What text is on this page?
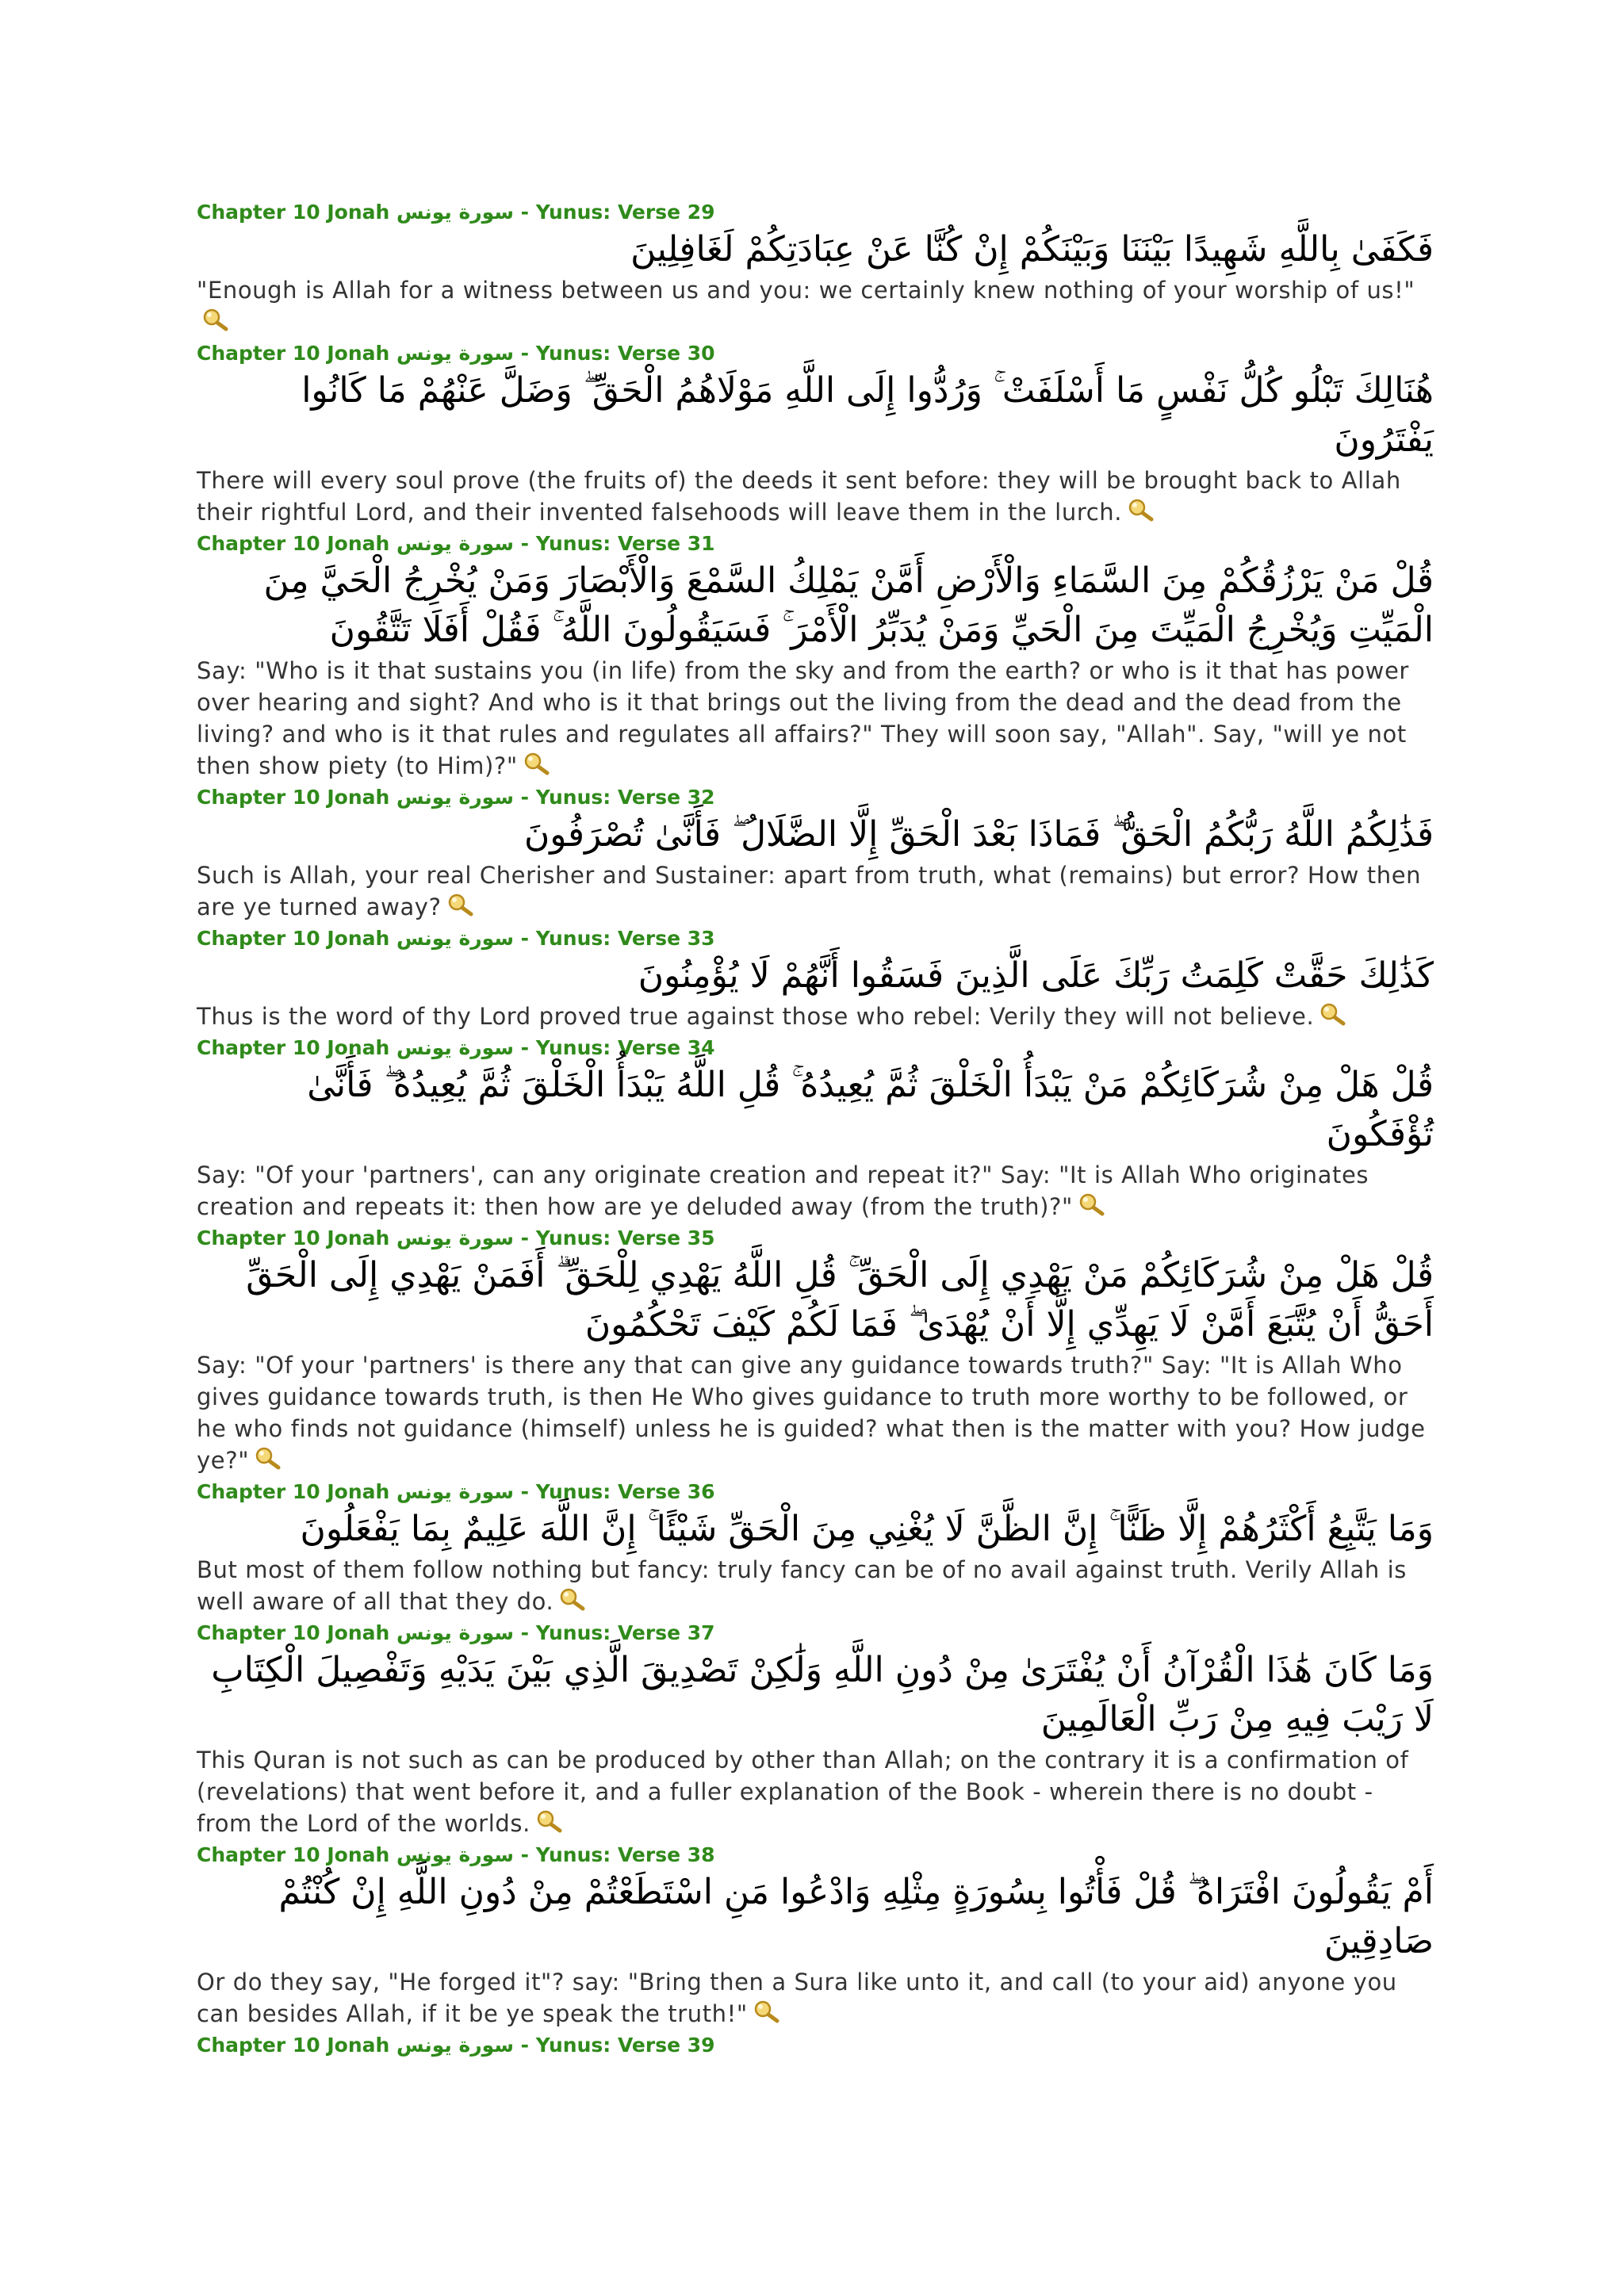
Chapter 10 Jonah سورة يونس - Yunus: Verse 29
فَكَفَىٰ بِاللَّهِ شَهِيدًا بَيْنَنَا وَبَيْنَكُمْ إِنْ كُنَّا عَنْ عِبَادَتِكُمْ لَغَافِلِينَ
"Enough is Allah for a witness between us and you: we certainly knew nothing of your worship of us!"
Chapter 10 Jonah سورة يونس - Yunus: Verse 30
هُنَالِكَ تَبْلُو كُلُّ نَفْسٍ مَا أَسْلَفَتْ ۚ وَرُدُّوا إِلَى اللَّهِ مَوْلَاهُمُ الْحَقِّ ۖ وَضَلَّ عَنْهُمْ مَا كَانُوا يَفْتَرُونَ
There will every soul prove (the fruits of) the deeds it sent before: they will be brought back to Allah their rightful Lord, and their invented falsehoods will leave them in the lurch.
Chapter 10 Jonah سورة يونس - Yunus: Verse 31
قُلْ مَنْ يَرْزُقُكُمْ مِنَ السَّمَاءِ وَالْأَرْضِ أَمَّنْ يَمْلِكُ السَّمْعَ وَالْأَبْصَارَ وَمَنْ يُخْرِجُ الْحَيَّ مِنَ الْمَيِّتِ وَيُخْرِجُ الْمَيِّتَ مِنَ الْحَيِّ وَمَنْ يُدَبِّرُ الْأَمْرَ ۚ فَسَيَقُولُونَ اللَّهُ ۚ فَقُلْ أَفَلَا تَتَّقُونَ
Say: "Who is it that sustains you (in life) from the sky and from the earth? or who is it that has power over hearing and sight? And who is it that brings out the living from the dead and the dead from the living? and who is it that rules and regulates all affairs?" They will soon say, "Allah". Say, "will ye not then show piety (to Him)?"
Chapter 10 Jonah سورة يونس - Yunus: Verse 32
فَذَٰلِكُمُ اللَّهُ رَبُّكُمُ الْحَقُّ ۖ فَمَاذَا بَعْدَ الْحَقِّ إِلَّا الضَّلَالُ ۖ فَأَنَّىٰ تُصْرَفُونَ
Such is Allah, your real Cherisher and Sustainer: apart from truth, what (remains) but error? How then are ye turned away?
Chapter 10 Jonah سورة يونس - Yunus: Verse 33
كَذَٰلِكَ حَقَّتْ كَلِمَتُ رَبِّكَ عَلَى الَّذِينَ فَسَقُوا أَنَّهُمْ لَا يُؤْمِنُونَ
Thus is the word of thy Lord proved true against those who rebel: Verily they will not believe.
Chapter 10 Jonah سورة يونس - Yunus: Verse 34
قُلْ هَلْ مِنْ شُرَكَائِكُمْ مَنْ يَبْدَأُ الْخَلْقَ ثُمَّ يُعِيدُهُ ۚ قُلِ اللَّهُ يَبْدَأُ الْخَلْقَ ثُمَّ يُعِيدُهُ ۖ فَأَنَّىٰ تُؤْفَكُونَ
Say: "Of your 'partners', can any originate creation and repeat it?" Say: "It is Allah Who originates creation and repeats it: then how are ye deluded away (from the truth)?"
Chapter 10 Jonah سورة يونس - Yunus: Verse 35
قُلْ هَلْ مِنْ شُرَكَائِكُمْ مَنْ يَهْدِي إِلَى الْحَقِّ ۚ قُلِ اللَّهُ يَهْدِي لِلْحَقِّ ۗ أَفَمَنْ يَهْدِي إِلَى الْحَقِّ أَحَقُّ أَنْ يُتَّبَعَ أَمَّنْ لَا يَهِدِّي إِلَّا أَنْ يُهْدَىٰ ۖ فَمَا لَكُمْ كَيْفَ تَحْكُمُونَ
Say: "Of your 'partners' is there any that can give any guidance towards truth?" Say: "It is Allah Who gives guidance towards truth, is then He Who gives guidance to truth more worthy to be followed, or he who finds not guidance (himself) unless he is guided? what then is the matter with you? How judge ye?"
Chapter 10 Jonah سورة يونس - Yunus: Verse 36
وَمَا يَتَّبِعُ أَكْثَرُهُمْ إِلَّا ظَنًّا ۚ إِنَّ الظَّنَّ لَا يُغْنِي مِنَ الْحَقِّ شَيْئًا ۚ إِنَّ اللَّهَ عَلِيمٌ بِمَا يَفْعَلُونَ
But most of them follow nothing but fancy: truly fancy can be of no avail against truth. Verily Allah is well aware of all that they do.
Chapter 10 Jonah سورة يونس - Yunus: Verse 37
وَمَا كَانَ هَٰذَا الْقُرْآنُ أَنْ يُفْتَرَىٰ مِنْ دُونِ اللَّهِ وَلَٰكِنْ تَصْدِيقَ الَّذِي بَيْنَ يَدَيْهِ وَتَفْصِيلَ الْكِتَابِ لَا رَيْبَ فِيهِ مِنْ رَبِّ الْعَالَمِينَ
This Quran is not such as can be produced by other than Allah; on the contrary it is a confirmation of (revelations) that went before it, and a fuller explanation of the Book - wherein there is no doubt - from the Lord of the worlds.
Chapter 10 Jonah سورة يونس - Yunus: Verse 38
أَمْ يَقُولُونَ افْتَرَاهُ ۖ قُلْ فَأْتُوا بِسُورَةٍ مِثْلِهِ وَادْعُوا مَنِ اسْتَطَعْتُمْ مِنْ دُونِ اللَّهِ إِنْ كُنْتُمْ صَادِقِينَ
Or do they say, "He forged it"? say: "Bring then a Sura like unto it, and call (to your aid) anyone you can besides Allah, if it be ye speak the truth!"
Chapter 10 Jonah سورة يونس - Yunus: Verse 39
